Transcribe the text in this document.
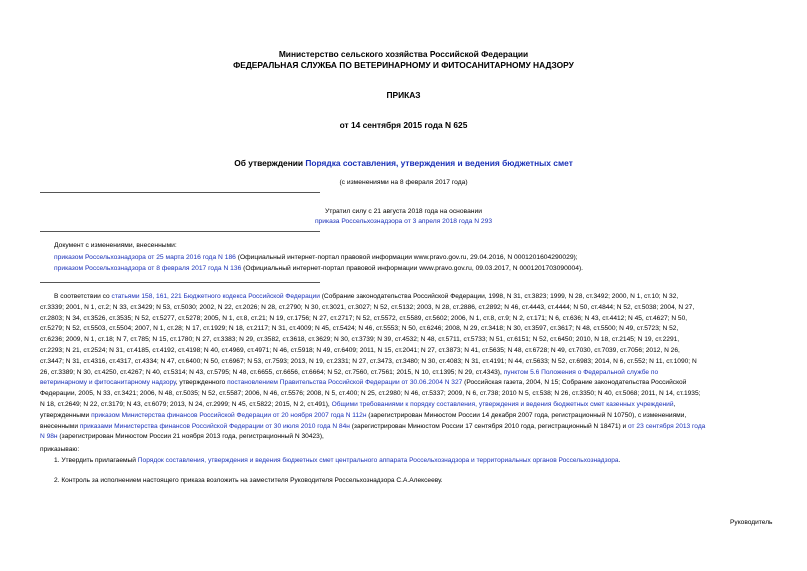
Министерство сельского хозяйства Российской Федерации
ФЕДЕРАЛЬНАЯ СЛУЖБА ПО ВЕТЕРИНАРНОМУ И ФИТОСАНИТАРНОМУ НАДЗОРУ
ПРИКАЗ
от 14 сентября 2015 года N 625
Об утверждении Порядка составления, утверждения и ведения бюджетных смет
(с изменениями на 8 февраля 2017 года)
Утратил силу с 21 августа 2018 года на основании
приказа Россельхознадзора от 3 апреля 2018 года N 293
Документ с изменениями, внесенными:
приказом Россельхознадзора от 25 марта 2016 года N 186 (Официальный интернет-портал правовой информации www.pravo.gov.ru, 29.04.2016, N 0001201604290029);
приказом Россельхознадзора от 8 февраля 2017 года N 136 (Официальный интернет-портал правовой информации www.pravo.gov.ru, 09.03.2017, N 0001201703090004).
В соответствии со статьями 158, 161, 221 Бюджетного кодекса Российской Федерации (Собрание законодательства Российской Федерации, 1998, N 31, ст.3823; 1999, N 28, ст.3492; 2000, N 1, ст.10; N 32,
ст.3339; 2001, N 1, ст.2; N 33, ст.3429; N 53, ст.5030; 2002, N 22, ст.2026; N 28, ст.2790; N 30, ст.3021, ст.3027; N 52, ст.5132; 2003, N 28, ст.2886, ст.2892; N 46, ст.4443, ст.4444; N 50, ст.4844; N 52, ст.5038; 2004, N 27,
ст.2803; N 34, ст.3526, ст.3535; N 52, ст.5277, ст.5278; 2005, N 1, ст.8, ст.21; N 19, ст.1756; N 27, ст.2717; N 52, ст.5572, ст.5589, ст.5602; 2006, N 1, ст.8, ст.9; N 2, ст.171; N 6, ст.636; N 43, ст.4412; N 45, ст.4627; N 50,
ст.5279; N 52, ст.5503, ст.5504; 2007, N 1, ст.28; N 17, ст.1929; N 18, ст.2117; N 31, ст.4009; N 45, ст.5424; N 46, ст.5553; N 50, ст.6246; 2008, N 29, ст.3418; N 30, ст.3597, ст.3617; N 48, ст.5500; N 49, ст.5723; N 52,
ст.6236; 2009, N 1, ст.18; N 7, ст.785; N 15, ст.1780; N 27, ст.3383; N 29, ст.3582, ст.3618, ст.3629; N 30, ст.3739; N 39, ст.4532; N 48, ст.5711, ст.5733; N 51, ст.6151; N 52, ст.6450; 2010, N 18, ст.2145; N 19, ст.2291,
ст.2293; N 21, ст.2524; N 31, ст.4185, ст.4192, ст.4198; N 40, ст.4969, ст.4971; N 46, ст.5918; N 49, ст.6409; 2011, N 15, ст.2041; N 27, ст.3873; N 41, ст.5635; N 48, ст.6728; N 49, ст.7030, ст.7039, ст.7056; 2012, N 26,
ст.3447; N 31, ст.4316, ст.4317, ст.4334; N 47, ст.6400; N 50, ст.6967; N 53, ст.7593; 2013, N 19, ст.2331; N 27, ст.3473, ст.3480; N 30, ст.4083; N 31, ст.4191; N 44, ст.5633; N 52, ст.6983; 2014, N 6, ст.552; N 11, ст.1090; N
26, ст.3389; N 30, ст.4250, ст.4267; N 40, ст.5314; N 43, ст.5795; N 48, ст.6655, ст.6656, ст.6664; N 52, ст.7560, ст.7561; 2015, N 10, ст.1395; N 29, ст.4343), пунктом 5.6 Положения о Федеральной службе по
ветеринарному и фитосанитарному надзору, утвержденного постановлением Правительства Российской Федерации от 30.06.2004 N 327 (Российская газета, 2004, N 15; Собрание законодательства Российской
Федерации, 2005, N 33, ст.3421; 2006, N 48, ст.5035; N 52, ст.5587; 2006, N 46, ст.5576; 2008, N 5, ст.400; N 25, ст.2980; N 46, ст.5337; 2009, N 6, ст.738; 2010 N 5, ст.538; N 26, ст.3350; N 40, ст.5068; 2011, N 14, ст.1935;
N 18, ст.2649; N 22, ст.3179; N 43, ст.6079; 2013, N 24, ст.2999; N 45, ст.5822; 2015, N 2, ст.491), Общими требованиями к порядку составления, утверждения и ведения бюджетных смет казенных учреждений,
утвержденными приказом Министерства финансов Российской Федерации от 20 ноября 2007 года N 112н (зарегистрирован Минюстом России 14 декабря 2007 года, регистрационный N 10750), с изменениями,
внесенными приказами Министерства финансов Российской Федерации от 30 июля 2010 года N 84н (зарегистрирован Минюстом России 17 сентября 2010 года, регистрационный N 18471) и от 23 сентября 2013 года
N 98н (зарегистрирован Минюстом России 21 ноября 2013 года, регистрационный N 30423),
приказываю:
1. Утвердить прилагаемый Порядок составления, утверждения и ведения бюджетных смет центрального аппарата Россельхознадзора и территориальных органов Россельхознадзора.
2. Контроль за исполнением настоящего приказа возложить на заместителя Руководителя Россельхознадзора С.А.Алексееву.
Руководитель
